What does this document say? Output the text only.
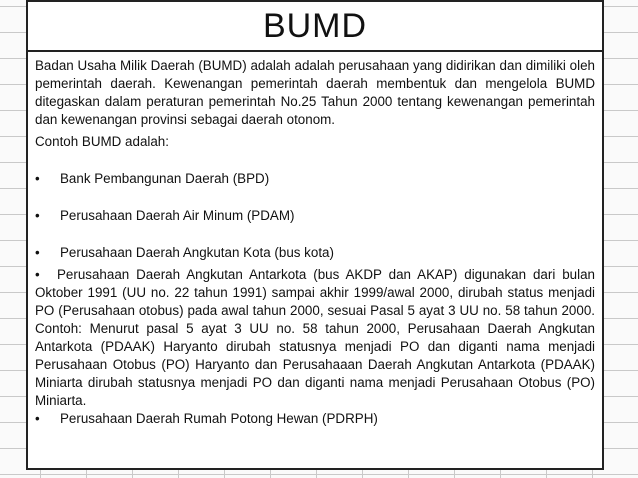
BUMD

Badan Usaha Milik Daerah (BUMD) adalah adalah perusahaan yang didirikan dan dimiliki oleh pemerintah daerah. Kewenangan pemerintah daerah membentuk dan mengelola BUMD ditegaskan dalam peraturan pemerintah No.25 Tahun 2000 tentang kewenangan pemerintah dan kewenangan provinsi sebagai daerah otonom.

Contoh BUMD adalah:

•	Bank Pembangunan Daerah (BPD)

•	Perusahaan Daerah Air Minum (PDAM)

•	Perusahaan Daerah Angkutan Kota (bus kota)

• Perusahaan Daerah Angkutan Antarkota (bus AKDP dan AKAP) digunakan dari bulan Oktober 1991 (UU no. 22 tahun 1991) sampai akhir 1999/awal 2000, dirubah status menjadi PO (Perusahaan otobus) pada awal tahun 2000, sesuai Pasal 5 ayat 3 UU no. 58 tahun 2000. Contoh: Menurut pasal 5 ayat 3 UU no. 58 tahun 2000, Perusahaan Daerah Angkutan Antarkota (PDAAK) Haryanto dirubah statusnya menjadi PO dan diganti nama menjadi Perusahaan Otobus (PO) Haryanto dan Perusahaaan Daerah Angkutan Antarkota (PDAAK) Miniarta dirubah statusnya menjadi PO dan diganti nama menjadi Perusahaan Otobus (PO) Miniarta.

•	Perusahaan Daerah Rumah Potong Hewan (PDRPH)
